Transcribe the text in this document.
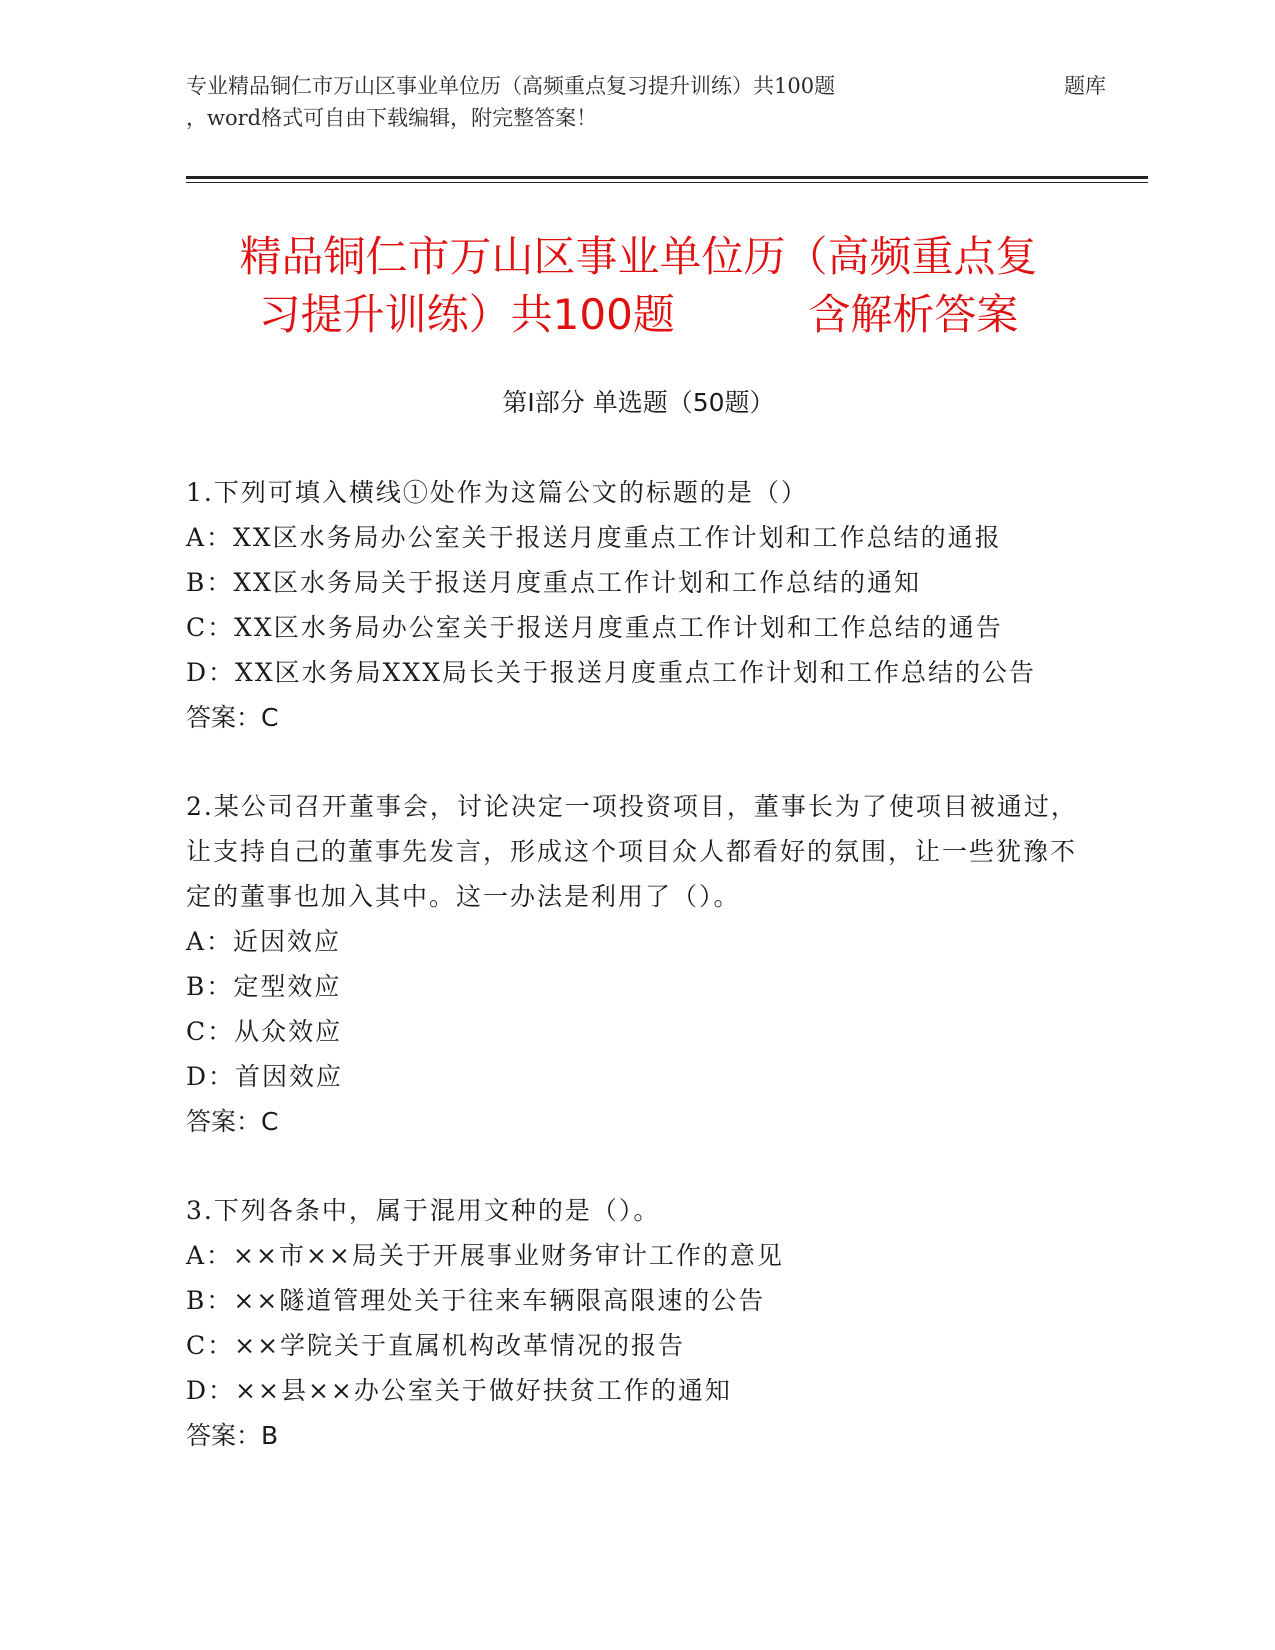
专业精品铜仁市万山区事业单位历（高频重点复习提升训练）共100题	题库
，word格式可自由下载编辑，附完整答案！
精品铜仁市万山区事业单位历（高频重点复
习提升训练）共100题          含解析答案
第Ⅰ部分 单选题（50题）
1.下列可填入横线①处作为这篇公文的标题的是（）
A：XX区水务局办公室关于报送月度重点工作计划和工作总结的通报
B：XX区水务局关于报送月度重点工作计划和工作总结的通知
C：XX区水务局办公室关于报送月度重点工作计划和工作总结的通告
D：XX区水务局XXX局长关于报送月度重点工作计划和工作总结的公告
答案：C
2.某公司召开董事会，讨论决定一项投资项目，董事长为了使项目被通过，让支持自己的董事先发言，形成这个项目众人都看好的氛围，让一些犹豫不定的董事也加入其中。这一办法是利用了（）。
A：近因效应
B：定型效应
C：从众效应
D：首因效应
答案：C
3.下列各条中，属于混用文种的是（）。
A：××市××局关于开展事业财务审计工作的意见
B：××隧道管理处关于往来车辆限高限速的公告
C：××学院关于直属机构改革情况的报告
D：××县××办公室关于做好扶贫工作的通知
答案：B
